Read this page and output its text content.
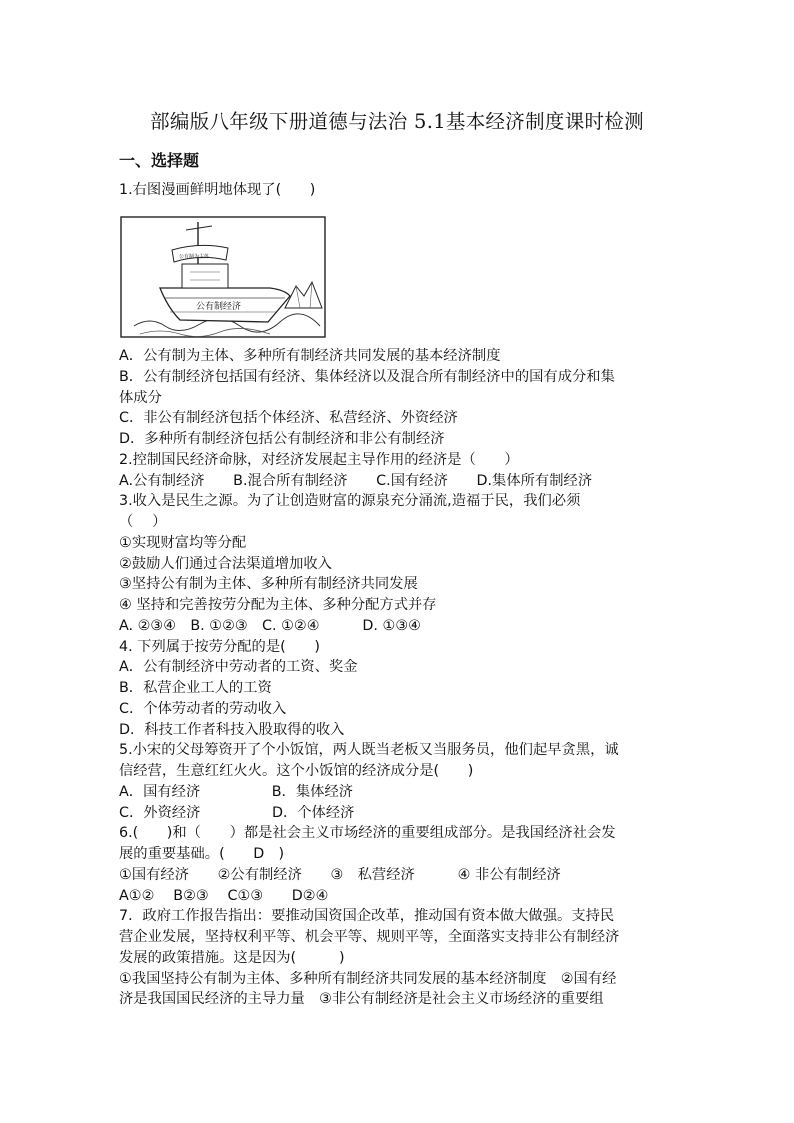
部编版八年级下册道德与法治 5.1基本经济制度课时检测
一、选择题
1.右图漫画鲜明地体现了(　　)
公有制经济
公有制为主体
A．公有制为主体、多种所有制经济共同发展的基本经济制度
B．公有制经济包括国有经济、集体经济以及混合所有制经济中的国有成分和集
体成分
C．非公有制经济包括个体经济、私营经济、外资经济
D．多种所有制经济包括公有制经济和非公有制经济
2.控制国民经济命脉，对经济发展起主导作用的经济是（　　）
A.公有制经济　　B.混合所有制经济　　C.国有经济　　D.集体所有制经济
3.收入是民生之源。为了让创造财富的源泉充分涌流,造福于民，我们必须
（　 ）
①实现财富均等分配
②鼓励人们通过合法渠道增加收入
③坚持公有制为主体、多种所有制经济共同发展
④ 坚持和完善按劳分配为主体、多种分配方式并存
A. ②③④　B. ①②③　C. ①②④　　　D. ①③④
4. 下列属于按劳分配的是(　　)
A．公有制经济中劳动者的工资、奖金
B．私营企业工人的工资
C．个体劳动者的劳动收入
D．科技工作者科技入股取得的收入
5.小宋的父母筹资开了个小饭馆，两人既当老板又当服务员，他们起早贪黑，诚
信经营，生意红红火火。这个小饭馆的经济成分是(　　)
A．国有经济　　　　　B．集体经济
C．外资经济　　　　　D．个体经济
6.(　　)和（　　）都是社会主义市场经济的重要组成部分。是我国经济社会发
展的重要基础。(　　D　)
①国有经济　　②公有制经济　　③　私营经济　　　④ 非公有制经济
A①②　 B②③　 C①③　　D②④
7．政府工作报告指出：要推动国资国企改革，推动国有资本做大做强。支持民
营企业发展，坚持权利平等、机会平等、规则平等，全面落实支持非公有制经济
发展的政策措施。这是因为(　　　)
①我国坚持公有制为主体、多种所有制经济共同发展的基本经济制度　②国有经
济是我国国民经济的主导力量　③非公有制经济是社会主义市场经济的重要组
